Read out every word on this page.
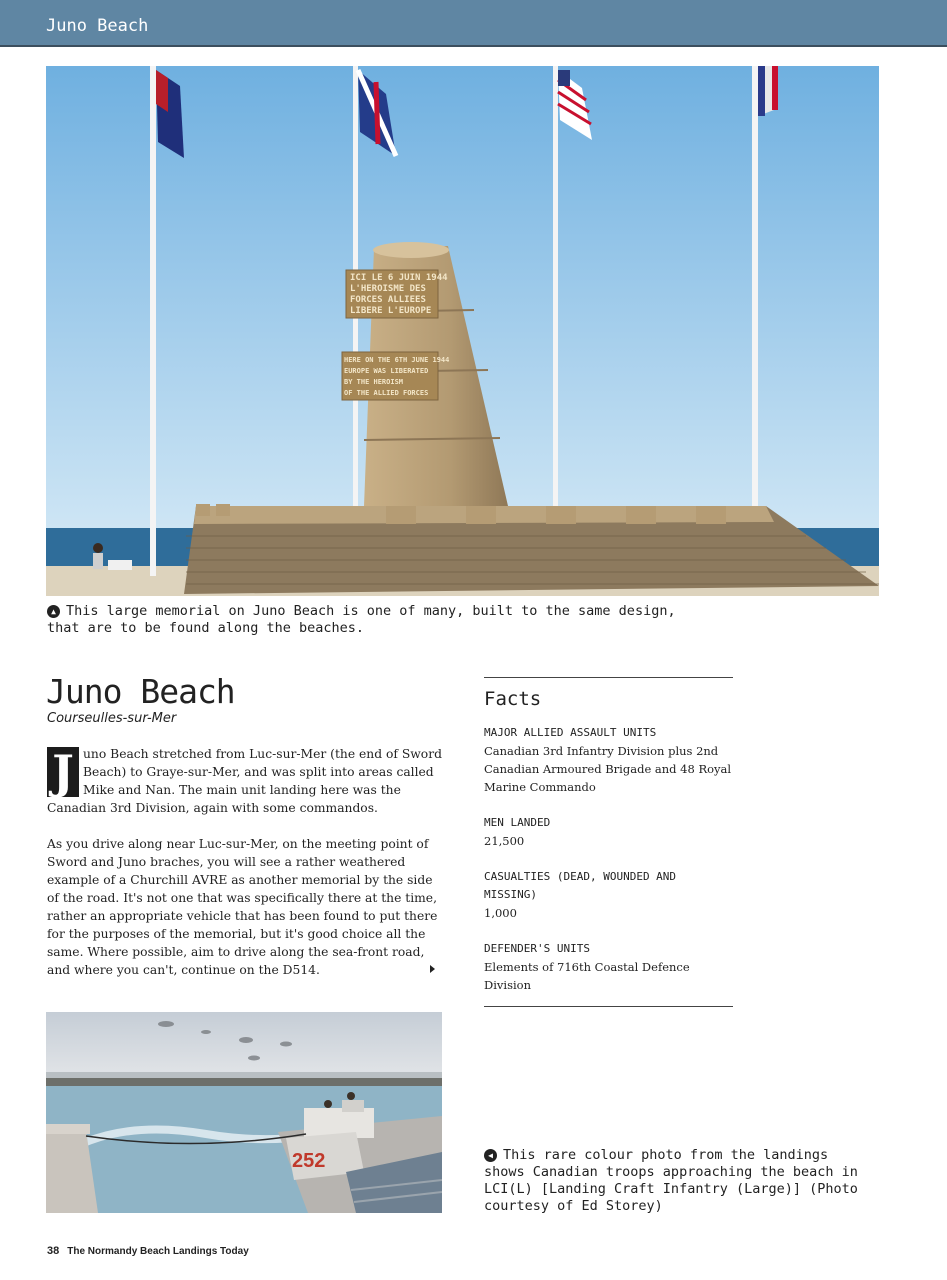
Juno Beach
ICI LE 6 JUIN 1944
L'HEROISME DES
FORCES ALLIEES
LIBERE L'EUROPE
HERE ON THE 6TH JUNE 1944
EUROPE WAS LIBERATED
BY THE HEROISM
OF THE ALLIED FORCES
▲ This large memorial on Juno Beach is one of many, built to the same design, that are to be found along the beaches.
Juno Beach
Courseulles-sur-Mer

J uno Beach stretched from Luc-sur-Mer (the end of Sword Beach) to Graye-sur-Mer, and was split into areas called Mike and Nan. The main unit landing here was the Canadian 3rd Division, again with some commandos.

As you drive along near Luc-sur-Mer, on the meeting point of Sword and Juno braches, you will see a rather weathered example of a Churchill AVRE as another memorial by the side of the road. It's not one that was specifically there at the time, rather an appropriate vehicle that has been found to put there for the purposes of the memorial, but it's good choice all the same. Where possible, aim to drive along the sea-front road, and where you can't, continue on the D514.

Facts
MAJOR ALLIED ASSAULT UNITS
Canadian 3rd Infantry Division plus 2nd Canadian Armoured Brigade and 48 Royal Marine Commando
MEN LANDED
21,500
CASUALTIES (DEAD, WOUNDED AND MISSING)
1,000
DEFENDER'S UNITS
Elements of 716th Coastal Defence Division
252	◀ This rare colour photo from the landings shows Canadian troops approaching the beach in LCI(L) [Landing Craft Infantry (Large)] (Photo courtesy of Ed Storey)
38 The Normandy Beach Landings Today
